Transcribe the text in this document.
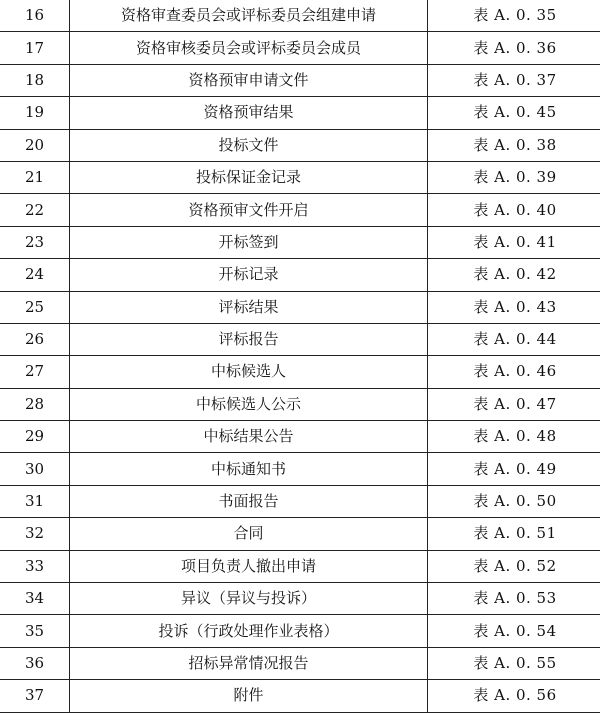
16	资格审查委员会或评标委员会组建申请	表 A. 0. 35
17	资格审核委员会或评标委员会成员	表 A. 0. 36
18	资格预审申请文件	表 A. 0. 37
19	资格预审结果	表 A. 0. 45
20	投标文件	表 A. 0. 38
21	投标保证金记录	表 A. 0. 39
22	资格预审文件开启	表 A. 0. 40
23	开标签到	表 A. 0. 41
24	开标记录	表 A. 0. 42
25	评标结果	表 A. 0. 43
26	评标报告	表 A. 0. 44
27	中标候选人	表 A. 0. 46
28	中标候选人公示	表 A. 0. 47
29	中标结果公告	表 A. 0. 48
30	中标通知书	表 A. 0. 49
31	书面报告	表 A. 0. 50
32	合同	表 A. 0. 51
33	项目负责人撤出申请	表 A. 0. 52
34	异议（异议与投诉）	表 A. 0. 53
35	投诉（行政处理作业表格）	表 A. 0. 54
36	招标异常情况报告	表 A. 0. 55
37	附件	表 A. 0. 56
